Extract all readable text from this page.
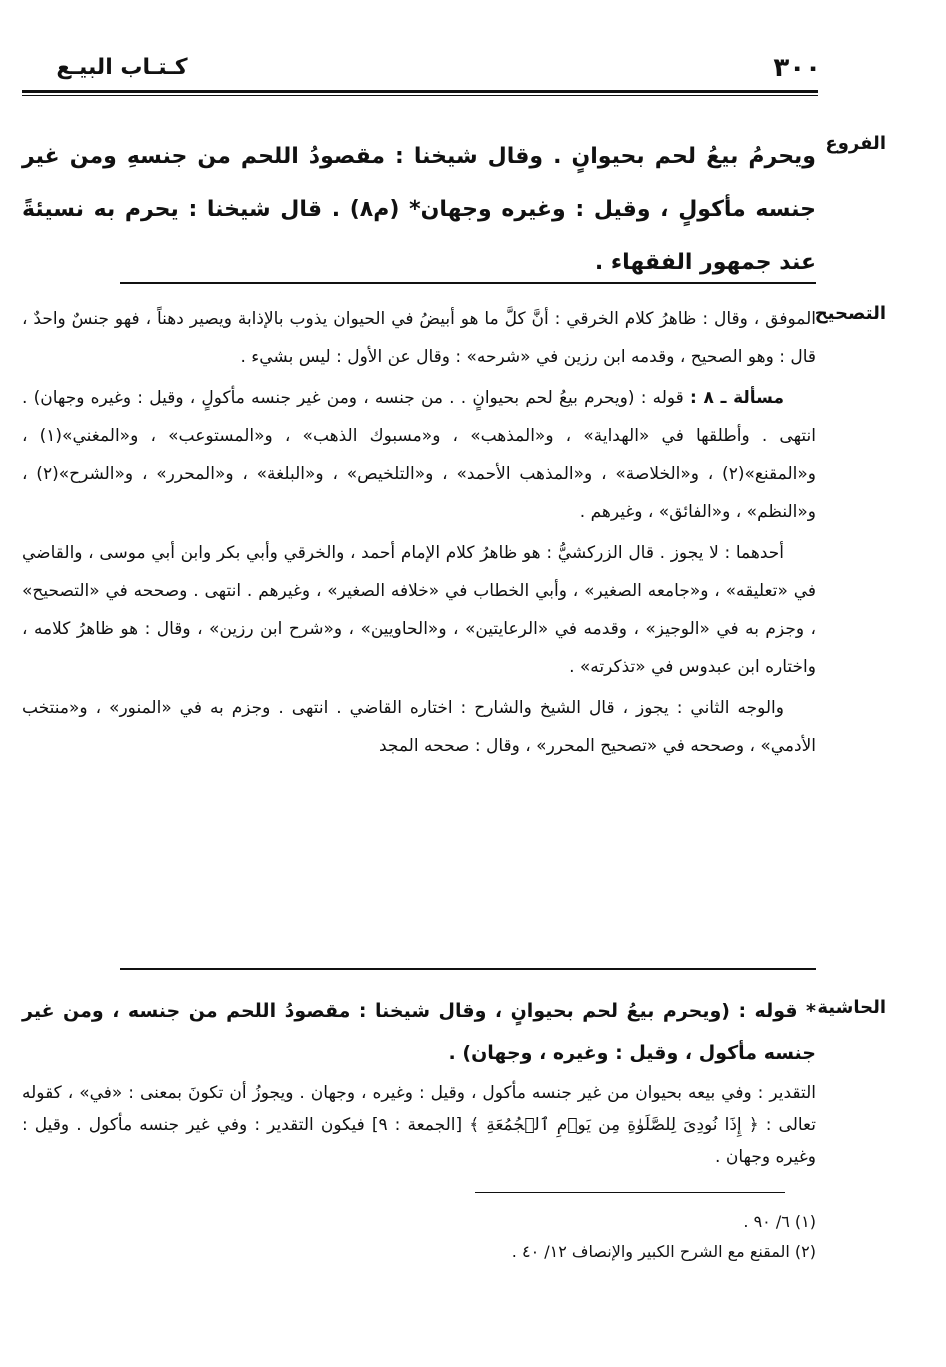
٣٠٠
كـتـاب البيـع
الفروع

ويحرمُ بيعُ لحم بحيوانٍ . وقال شيخنا : مقصودُ اللحم من جنسهِ ومن غير جنسه مأكولٍ ، وقيل : وغيره وجهان* (م٨) . قال شيخنا : يحرم به نسيئةً عند جمهور الفقهاء .

التصحيح

الموفق ، وقال : ظاهرُ كلام الخرقي : أنَّ كلَّ ما هو أبيضُ في الحيوان يذوب بالإذابة ويصير دهناً ، فهو جنسٌ واحدٌ ، قال : وهو الصحيح ، وقدمه ابن رزين في «شرحه» : وقال عن الأول : ليس بشيء .

مسألة ـ ٨ : قوله : (ويحرم بيعُ لحم بحيوانٍ . . من جنسه ، ومن غير جنسه مأكولٍ ، وقيل : وغيره وجهان) . انتهى . وأطلقها في «الهداية» ، و«المذهب» ، و«مسبوك الذهب» ، و«المستوعب» ، و«المغني»(١) ، و«المقنع»(٢) ، و«الخلاصة» ، و«المذهب الأحمد» ، و«التلخيص» ، و«البلغة» ، و«المحرر» ، و«الشرح»(٢) ، و«النظم» ، و«الفائق» ، وغيرهم .

أحدهما : لا يجوز . قال الزركشيُّ : هو ظاهرُ كلام الإمام أحمد ، والخرقي وأبي بكر وابن أبي موسى ، والقاضي في «تعليقه» ، و«جامعه الصغير» ، وأبي الخطاب في «خلافه الصغير» ، وغيرهم . انتهى . وصححه في «التصحيح» ، وجزم به في «الوجيز» ، وقدمه في «الرعايتين» ، و«الحاويين» ، و«شرح ابن رزين» ، وقال : هو ظاهرُ كلامه ، واختاره ابن عبدوس في «تذكرته» .

والوجه الثاني : يجوز ، قال الشيخ والشارح : اختاره القاضي . انتهى . وجزم به في «المنور» ، و«منتخب الأدمي» ، وصححه في «تصحيح المحرر» ، وقال : صححه المجد

الحاشية
* قوله : (ويحرم بيعُ لحم بحيوانٍ ، وقال شيخنا : مقصودُ اللحم من جنسه ، ومن غير جنسه مأكول ، وقيل : وغيره ، وجهان) .
التقدير : وفي بيعه بحيوان من غير جنسه مأكول ، وقيل : وغيره ، وجهان . ويجوزُ أن تكونَ بمعنى : «في» ، كقوله تعالى : ﴿ إِذَا نُودِىَ لِلصَّلَوٰةِ مِن يَوۡمِ ٱلۡجُمُعَةِ ﴾ [الجمعة : ٩] فيكون التقدير : وفي غير جنسه مأكول . وقيل : وغيره وجهان .
(١) ٦/ ٩٠ .
(٢) المقنع مع الشرح الكبير والإنصاف ١٢/ ٤٠ .
